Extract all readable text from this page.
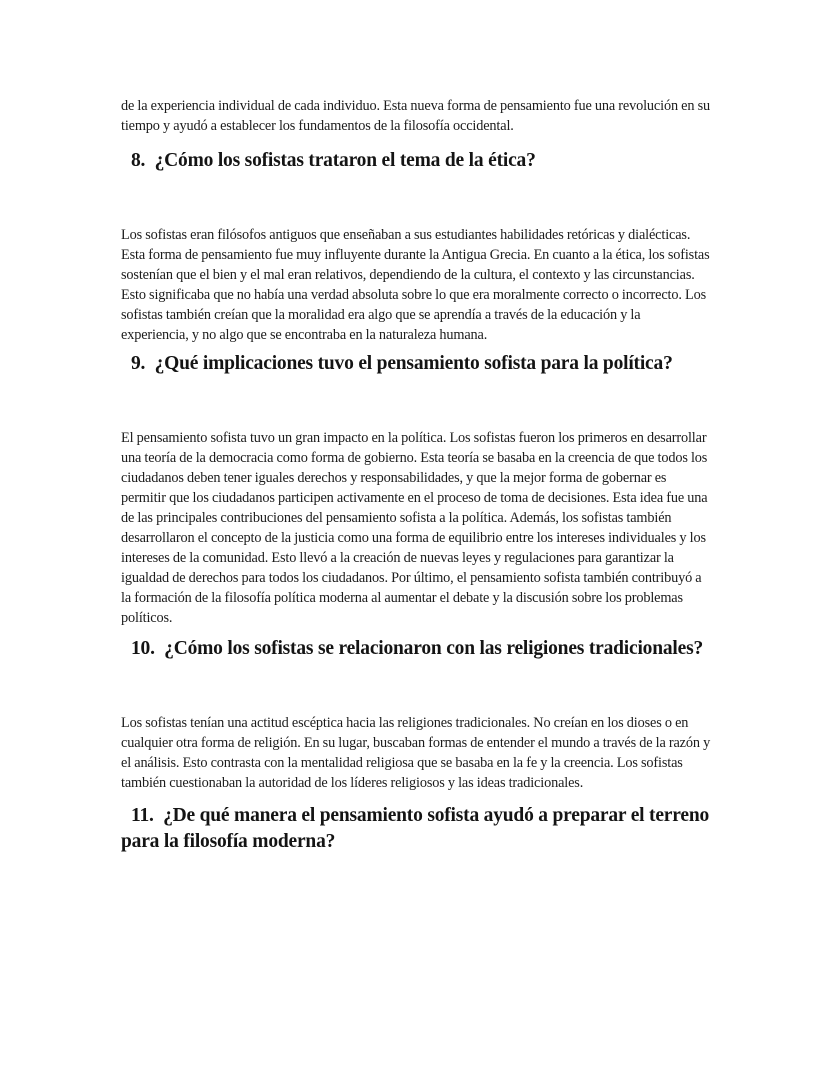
de la experiencia individual de cada individuo. Esta nueva forma de pensamiento fue una revolución en su tiempo y ayudó a establecer los fundamentos de la filosofía occidental.

8. ¿Cómo los sofistas trataron el tema de la ética?

Los sofistas eran filósofos antiguos que enseñaban a sus estudiantes habilidades retóricas y dialécticas. Esta forma de pensamiento fue muy influyente durante la Antigua Grecia. En cuanto a la ética, los sofistas sostenían que el bien y el mal eran relativos, dependiendo de la cultura, el contexto y las circunstancias. Esto significaba que no había una verdad absoluta sobre lo que era moralmente correcto o incorrecto. Los sofistas también creían que la moralidad era algo que se aprendía a través de la educación y la experiencia, y no algo que se encontraba en la naturaleza humana.

9. ¿Qué implicaciones tuvo el pensamiento sofista para la política?

El pensamiento sofista tuvo un gran impacto en la política. Los sofistas fueron los primeros en desarrollar una teoría de la democracia como forma de gobierno. Esta teoría se basaba en la creencia de que todos los ciudadanos deben tener iguales derechos y responsabilidades, y que la mejor forma de gobernar es permitir que los ciudadanos participen activamente en el proceso de toma de decisiones. Esta idea fue una de las principales contribuciones del pensamiento sofista a la política. Además, los sofistas también desarrollaron el concepto de la justicia como una forma de equilibrio entre los intereses individuales y los intereses de la comunidad. Esto llevó a la creación de nuevas leyes y regulaciones para garantizar la igualdad de derechos para todos los ciudadanos. Por último, el pensamiento sofista también contribuyó a la formación de la filosofía política moderna al aumentar el debate y la discusión sobre los problemas políticos.

10. ¿Cómo los sofistas se relacionaron con las religiones tradicionales?

Los sofistas tenían una actitud escéptica hacia las religiones tradicionales. No creían en los dioses o en cualquier otra forma de religión. En su lugar, buscaban formas de entender el mundo a través de la razón y el análisis. Esto contrasta con la mentalidad religiosa que se basaba en la fe y la creencia. Los sofistas también cuestionaban la autoridad de los líderes religiosos y las ideas tradicionales.

11. ¿De qué manera el pensamiento sofista ayudó a preparar el terreno para la filosofía moderna?
